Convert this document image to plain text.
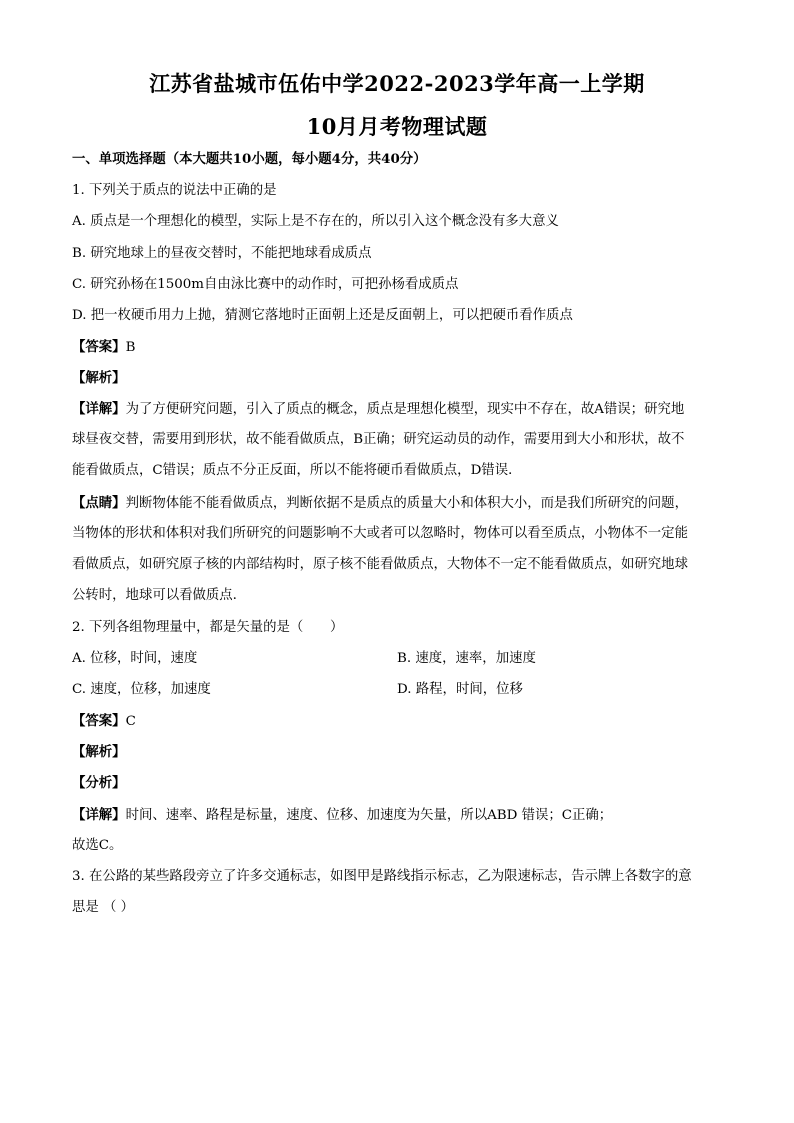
江苏省盐城市伍佑中学2022-2023学年高一上学期
10月月考物理试题
一、单项选择题（本大题共10小题，每小题4分，共40分）
1. 下列关于质点的说法中正确的是
A. 质点是一个理想化的模型，实际上是不存在的，所以引入这个概念没有多大意义
B. 研究地球上的昼夜交替时，不能把地球看成质点
C. 研究孙杨在1500m自由泳比赛中的动作时，可把孙杨看成质点
D. 把一枚硬币用力上抛，猜测它落地时正面朝上还是反面朝上，可以把硬币看作质点
【答案】B
【解析】
【详解】为了方便研究问题，引入了质点的概念，质点是理想化模型，现实中不存在，故A错误；研究地
球昼夜交替，需要用到形状，故不能看做质点，B正确；研究运动员的动作，需要用到大小和形状，故不
能看做质点，C错误；质点不分正反面，所以不能将硬币看做质点，D错误．
【点睛】判断物体能不能看做质点，判断依据不是质点的质量大小和体积大小，而是我们所研究的问题，
当物体的形状和体积对我们所研究的问题影响不大或者可以忽略时，物体可以看至质点，小物体不一定能
看做质点，如研究原子核的内部结构时，原子核不能看做质点，大物体不一定不能看做质点，如研究地球
公转时，地球可以看做质点.
2. 下列各组物理量中，都是矢量的是（　　）
A. 位移，时间，速度	B. 速度，速率，加速度
C. 速度，位移，加速度	D. 路程，时间，位移
【答案】C
【解析】
【分析】
【详解】时间、速率、路程是标量，速度、位移、加速度为矢量，所以ABD 错误；C正确；
故选C。
3. 在公路的某些路段旁立了许多交通标志，如图甲是路线指示标志，乙为限速标志，告示牌上各数字的意
思是 （ ）
